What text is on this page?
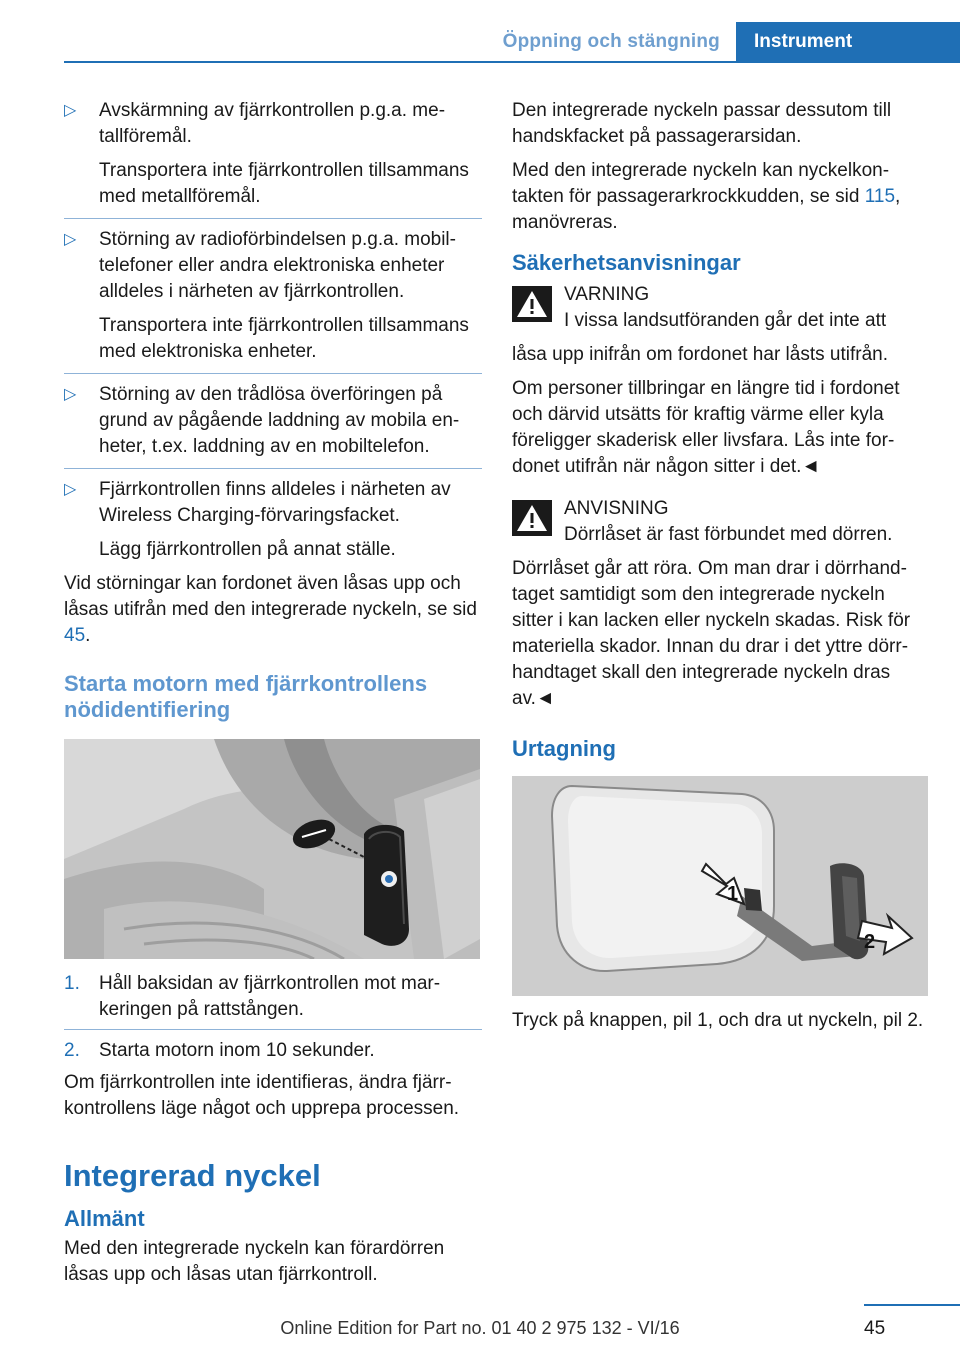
Öppning och stängning Instrument
▷ Avskärmning av fjärrkontrollen p.g.a. metallföremål.

Transportera inte fjärrkontrollen tillsammans med metallföremål.

▷ Störning av radioförbindelsen p.g.a. mobiltelefoner eller andra elektroniska enheter alldeles i närheten av fjärrkontrollen.

Transportera inte fjärrkontrollen tillsammans med elektroniska enheter.

▷ Störning av den trådlösa överföringen på grund av pågående laddning av mobila enheter, t.ex. laddning av en mobiltelefon.

▷ Fjärrkontrollen finns alldeles i närheten av Wireless Charging-förvaringsfacket.

Lägg fjärrkontrollen på annat ställe.

Vid störningar kan fordonet även låsas upp och låsas utifrån med den integrerade nyckeln, se sid 45.

Starta motorn med fjärrkontrollens nödidentifiering
1. Håll baksidan av fjärrkontrollen mot markeringen på rattstången.
2. Starta motorn inom 10 sekunder.

Om fjärrkontrollen inte identifieras, ändra fjärrkontrollens läge något och upprepa processen.

Integrerad nyckel
Allmänt

Med den integrerade nyckeln kan förardörren låsas upp och låsas utan fjärrkontroll.

Den integrerade nyckeln passar dessutom till handskfacket på passagerarsidan.

Med den integrerade nyckeln kan nyckelkontakten för passagerarkrockkudden, se sid 115, manövreras.

Säkerhetsanvisningar
VARNING
I vissa landsutföranden går det inte att

låsa upp inifrån om fordonet har låsts utifrån.

Om personer tillbringar en längre tid i fordonet och därvid utsätts för kraftig värme eller kyla föreligger skaderisk eller livsfara. Lås inte fordonet utifrån när någon sitter i det.◄

ANVISNING
Dörrlåset är fast förbundet med dörren.

Dörrlåset går att röra. Om man drar i dörrhandtaget samtidigt som den integrerade nyckeln sitter i kan lacken eller nyckeln skadas. Risk för materiella skador. Innan du drar i det yttre dörrhandtaget skall den integrerade nyckeln dras av.◄

Urtagning
1
2

Tryck på knappen, pil 1, och dra ut nyckeln, pil 2.

45
Online Edition for Part no. 01 40 2 975 132 - VI/16
